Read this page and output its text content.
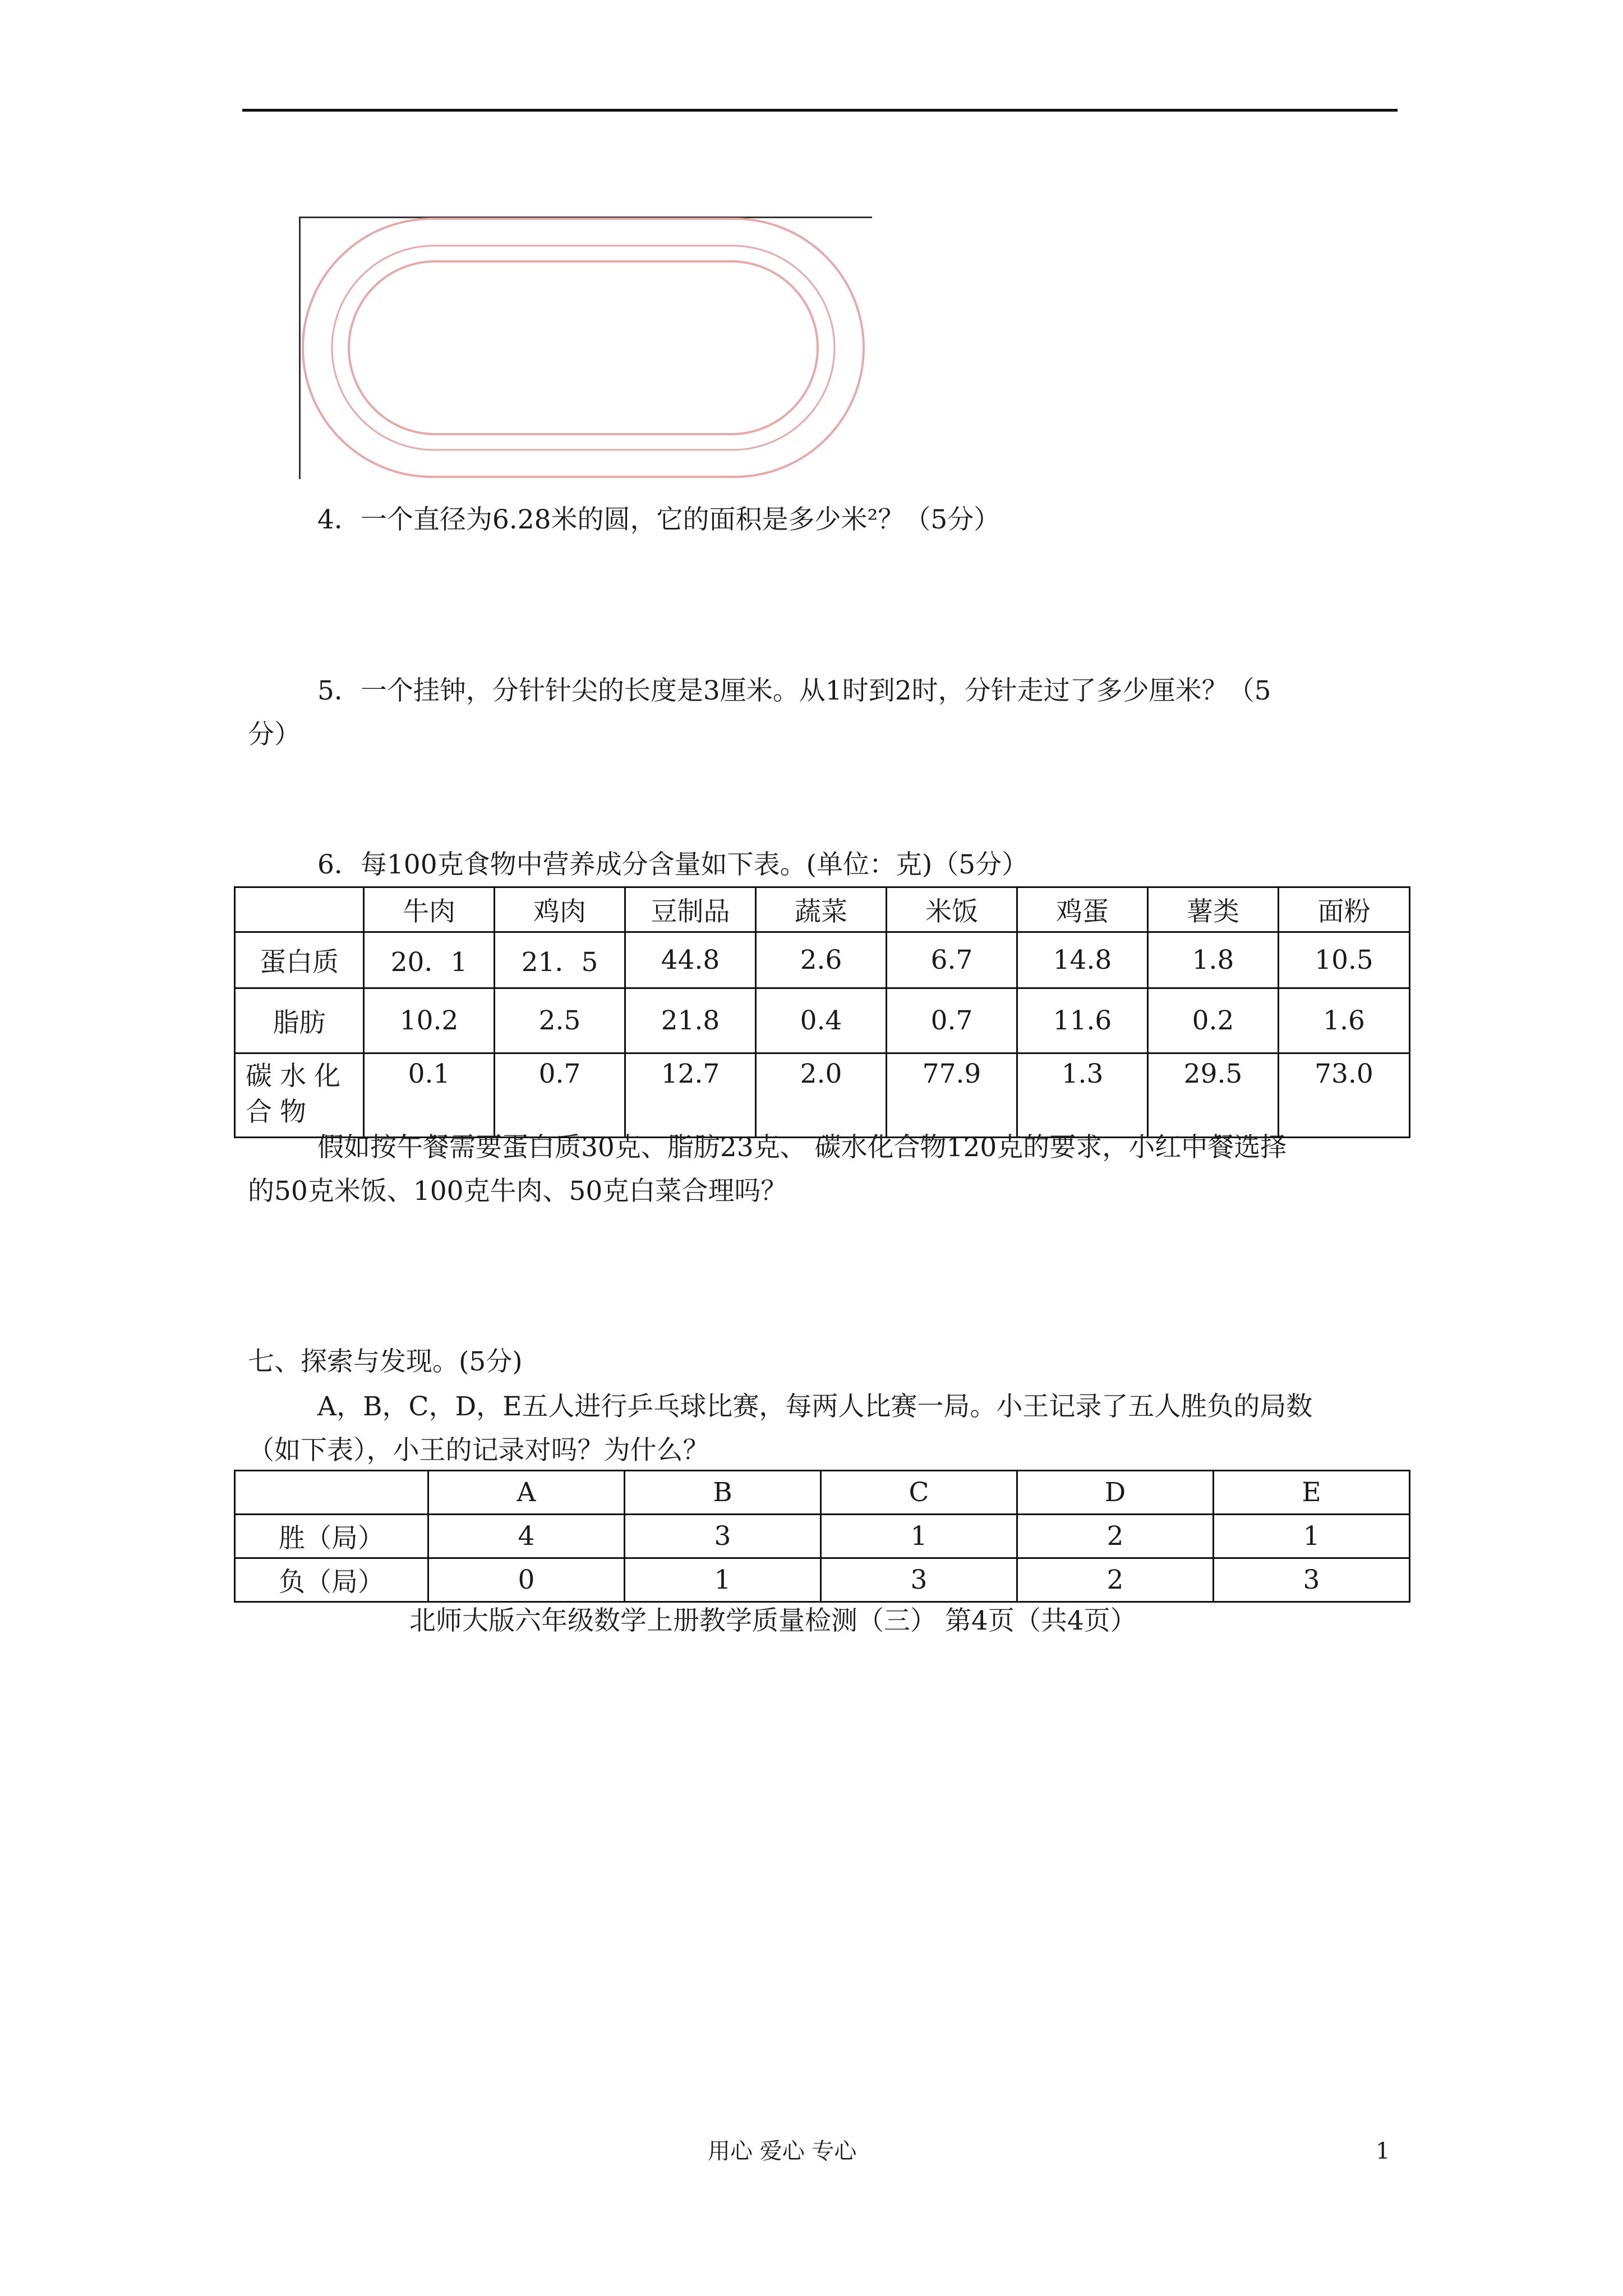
4．一个直径为6.28米的圆，它的面积是多少米²？（5分）
5．一个挂钟，分针针尖的长度是3厘米。从1时到2时，分针走过了多少厘米？（5
分）
6．每100克食物中营养成分含量如下表。(单位：克)（5分）
	牛肉	鸡肉	豆制品	蔬菜	米饭	鸡蛋	薯类	面粉
蛋白质	20．1	21．5	44.8	2.6	6.7	14.8	1.8	10.5
脂肪	10.2	2.5	21.8	0.4	0.7	11.6	0.2	1.6
碳水化合物	0.1	0.7	12.7	2.0	77.9	1.3	29.5	73.0
假如按午餐需要蛋白质30克、脂肪23克、 碳水化合物120克的要求，小红中餐选择
的50克米饭、100克牛肉、50克白菜合理吗？
七、探索与发现。(5分)
A，B，C，D，E五人进行乒乓球比赛，每两人比赛一局。小王记录了五人胜负的局数
（如下表），小王的记录对吗？为什么？
	A	B	C	D	E
胜（局）	4	3	1	2	1
负（局）	0	1	3	2	3
北师大版六年级数学上册教学质量检测（三） 第4页（共4页）
用心 爱心 专心	1
